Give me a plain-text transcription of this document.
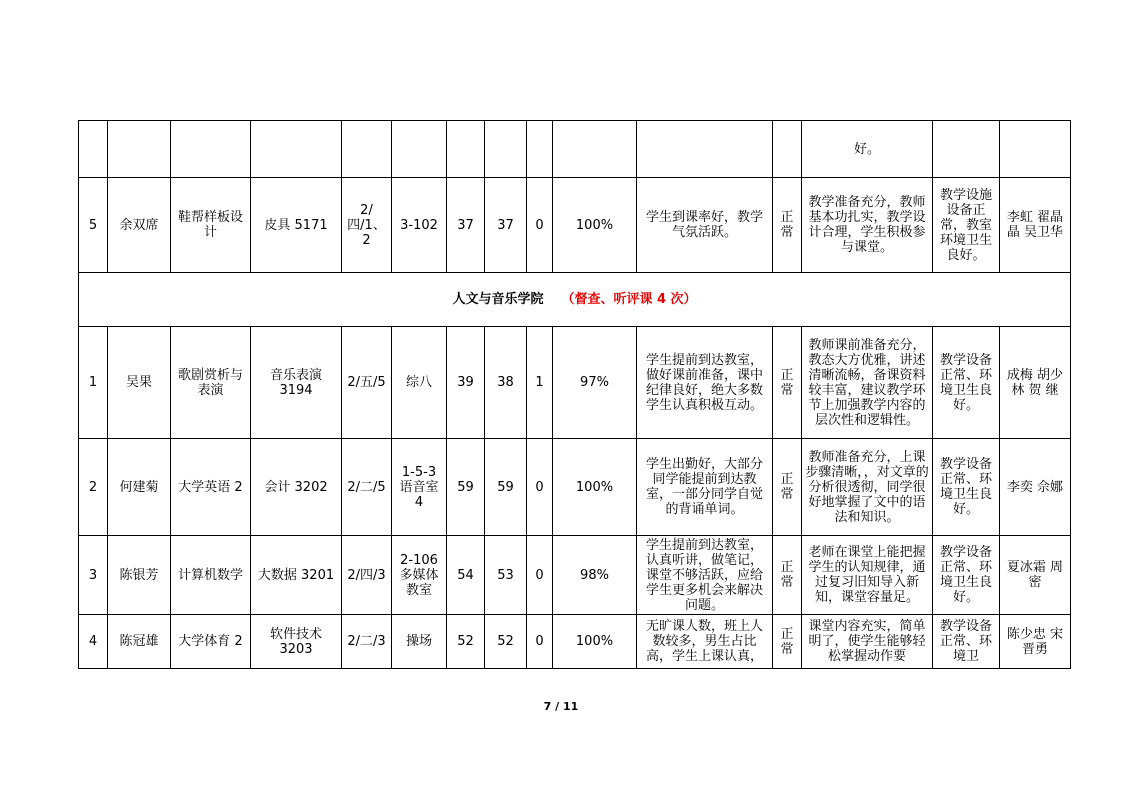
												好。		
5	余双席	鞋帮样板设计	皮具 5171	2/四/1、2	3-102	37	37	0	100%	学生到课率好，教学气氛活跃。	正常	教学准备充分，教师基本功扎实，教学设计合理，学生积极参与课堂。	教学设施设备正常，教室环境卫生良好。	李虹 翟晶晶 吴卫华
人文与音乐学院 （督查、听评课 4 次）														
1	吴果	歌剧赏析与表演	音乐表演 3194	2/五/5	综八	39	38	1	97%	学生提前到达教室，做好课前准备，课中纪律良好，绝大多数学生认真积极互动。	正常	教师课前准备充分，教态大方优雅，讲述清晰流畅，备课资料较丰富，建议教学环节上加强教学内容的层次性和逻辑性。	教学设备正常、环境卫生良好。	成梅 胡少林 贺 继
2	何建菊	大学英语 2	会计 3202	2/二/5	1-5-3 语音室 4	59	59	0	100%	学生出勤好，大部分同学能提前到达教室，一部分同学自觉的背诵单词。	正常	教师准备充分，上课步骤清晰，，对文章的分析很透彻，同学很好地掌握了文中的语法和知识。	教学设备正常、环境卫生良好。	李奕 佘娜
3	陈银芳	计算机数学	大数据 3201	2/四/3	2-106 多媒体教室	54	53	0	98%	学生提前到达教室，认真听讲，做笔记，课堂不够活跃，应给学生更多机会来解决问题。	正常	老师在课堂上能把握学生的认知规律，通过复习旧知导入新知，课堂容量足。	教学设备正常、环境卫生良好。	夏冰霜 周密
4	陈冠雄	大学体育 2	软件技术 3203	2/二/3	操场	52	52	0	100%	无旷课人数，班上人数较多，男生占比高，学生上课认真，	正常	课堂内容充实，简单明了，使学生能够轻松掌握动作要	教学设备正常、环境卫	陈少忠 宋晋勇
7 / 11
